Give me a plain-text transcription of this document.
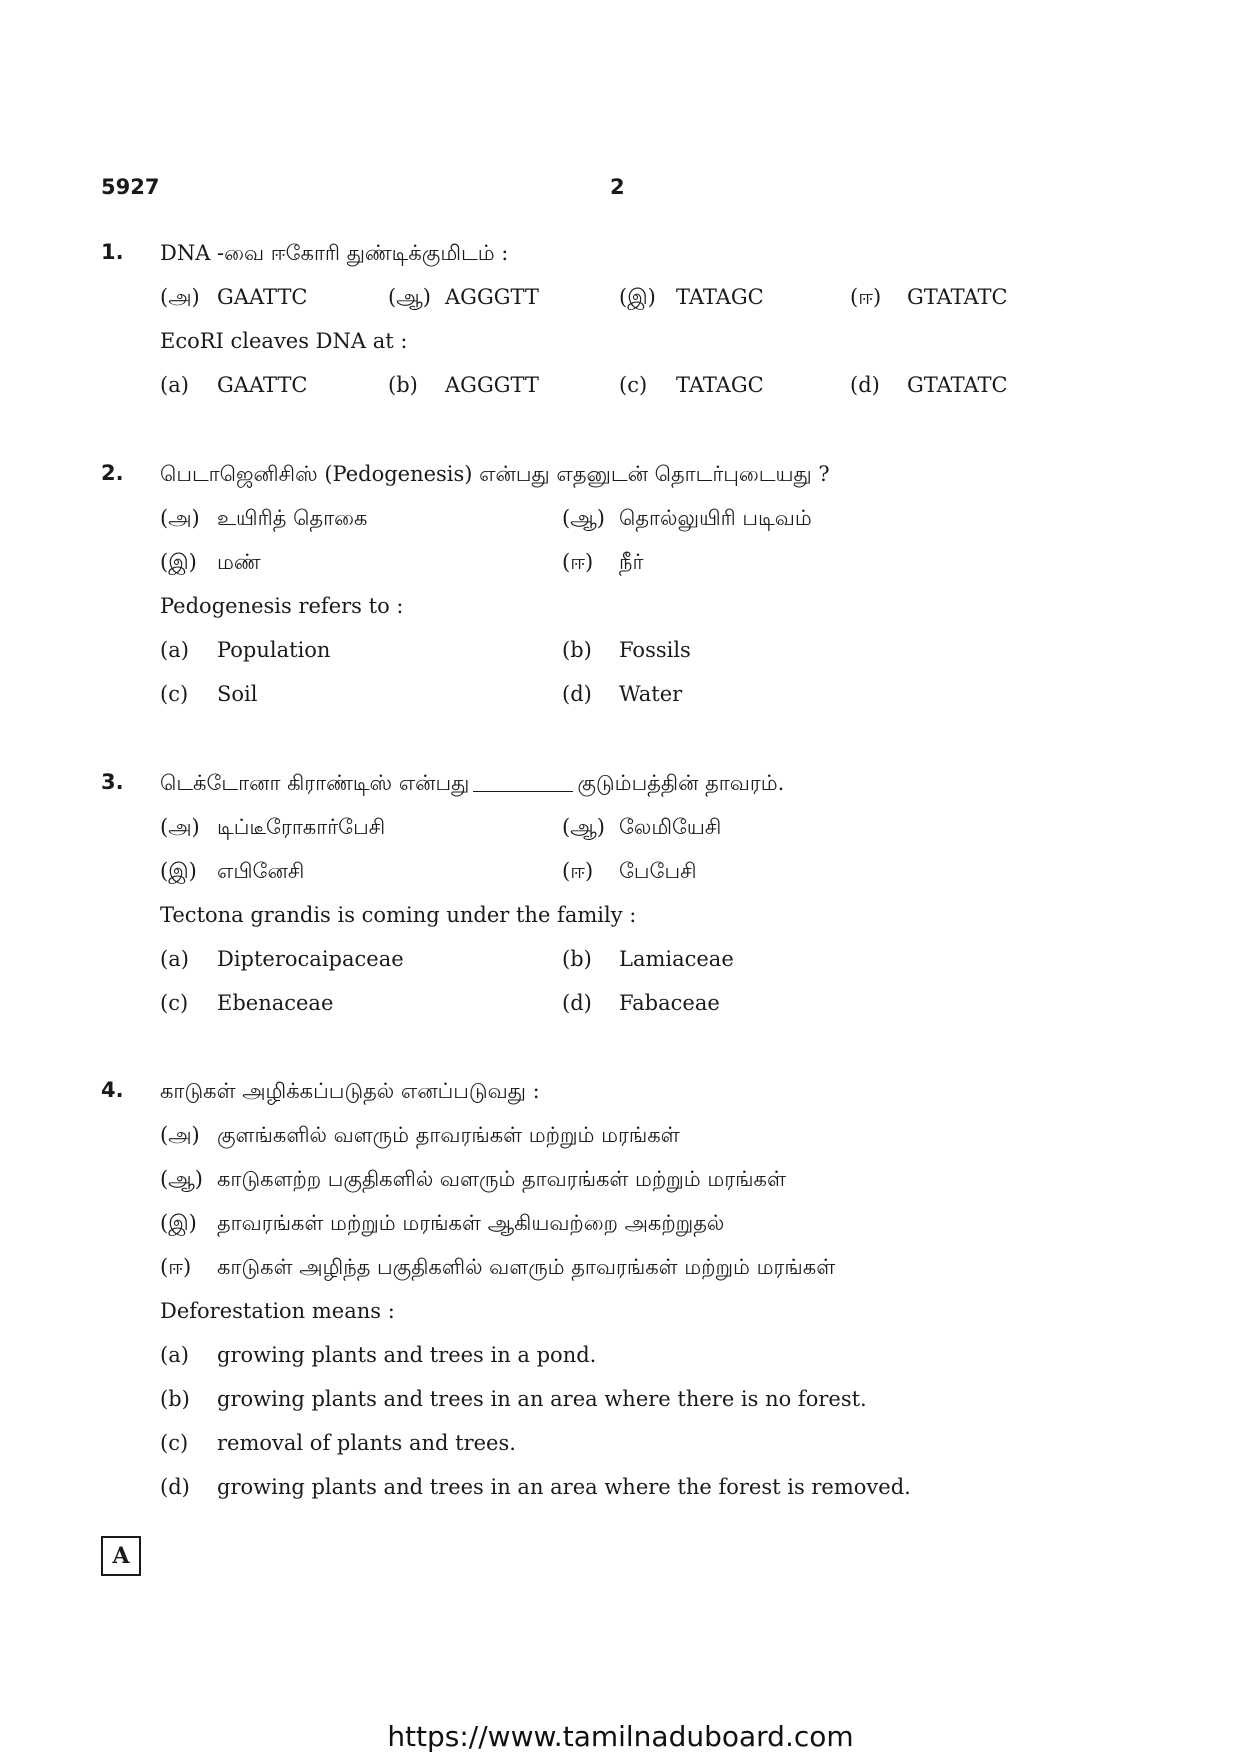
5927	2
1. DNA -வை ஈகோரி துண்டிக்குமிடம் :
(அ) GAATTC	(ஆ) AGGGTT	(இ) TATAGC	(ஈ) GTATATC
EcoRI cleaves DNA at :
(a) GAATTC	(b) AGGGTT	(c) TATAGC	(d) GTATATC
2. பெடாஜெனிசிஸ் (Pedogenesis) என்பது எதனுடன் தொடர்புடையது ?
(அ) உயிரித் தொகை	(ஆ) தொல்லுயிரி படிவம்
(இ) மண்	(ஈ) நீர்
Pedogenesis refers to :
(a) Population	(b) Fossils
(c) Soil	(d) Water
3. டெக்டோனா கிராண்டிஸ் என்பது	குடும்பத்தின் தாவரம்.
(அ) டிப்டீரோகார்பேசி	(ஆ) லேமியேசி
(இ) எபினேசி	(ஈ) பேபேசி
Tectona grandis is coming under the family :
(a) Dipterocaipaceae	(b) Lamiaceae
(c) Ebenaceae	(d) Fabaceae
4. காடுகள் அழிக்கப்படுதல் எனப்படுவது :
(அ) குளங்களில் வளரும் தாவரங்கள் மற்றும் மரங்கள்
(ஆ) காடுகளற்ற பகுதிகளில் வளரும் தாவரங்கள் மற்றும் மரங்கள்
(இ) தாவரங்கள் மற்றும் மரங்கள் ஆகியவற்றை அகற்றுதல்
(ஈ) காடுகள் அழிந்த பகுதிகளில் வளரும் தாவரங்கள் மற்றும் மரங்கள்
Deforestation means :
(a) growing plants and trees in a pond.
(b) growing plants and trees in an area where there is no forest.
(c) removal of plants and trees.
(d) growing plants and trees in an area where the forest is removed.
A
https://www.tamilnaduboard.com
